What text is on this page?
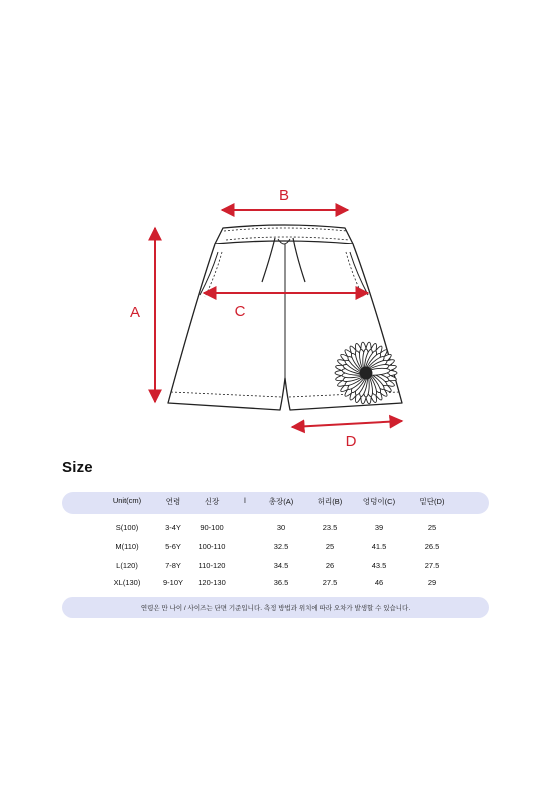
B
A	C
D
Size
Unit(cm)	연령	신장	l	총장(A)	허리(B)	엉덩이(C)	밑단(D)
S(100)	3-4Y	90-100	30	23.5	39	25
M(110)	5-6Y 100-110	32.5	25	41.5	26.5
L(120)	7-8Y 110-120	34.5	26	43.5	27.5
XL(130)	9-10Y 120-130	36.5	27.5	46	29
연령은 만 나이 / 사이즈는 단면 기준입니다. 측정 방법과 위치에 따라 오차가 발생할 수 있습니다.
